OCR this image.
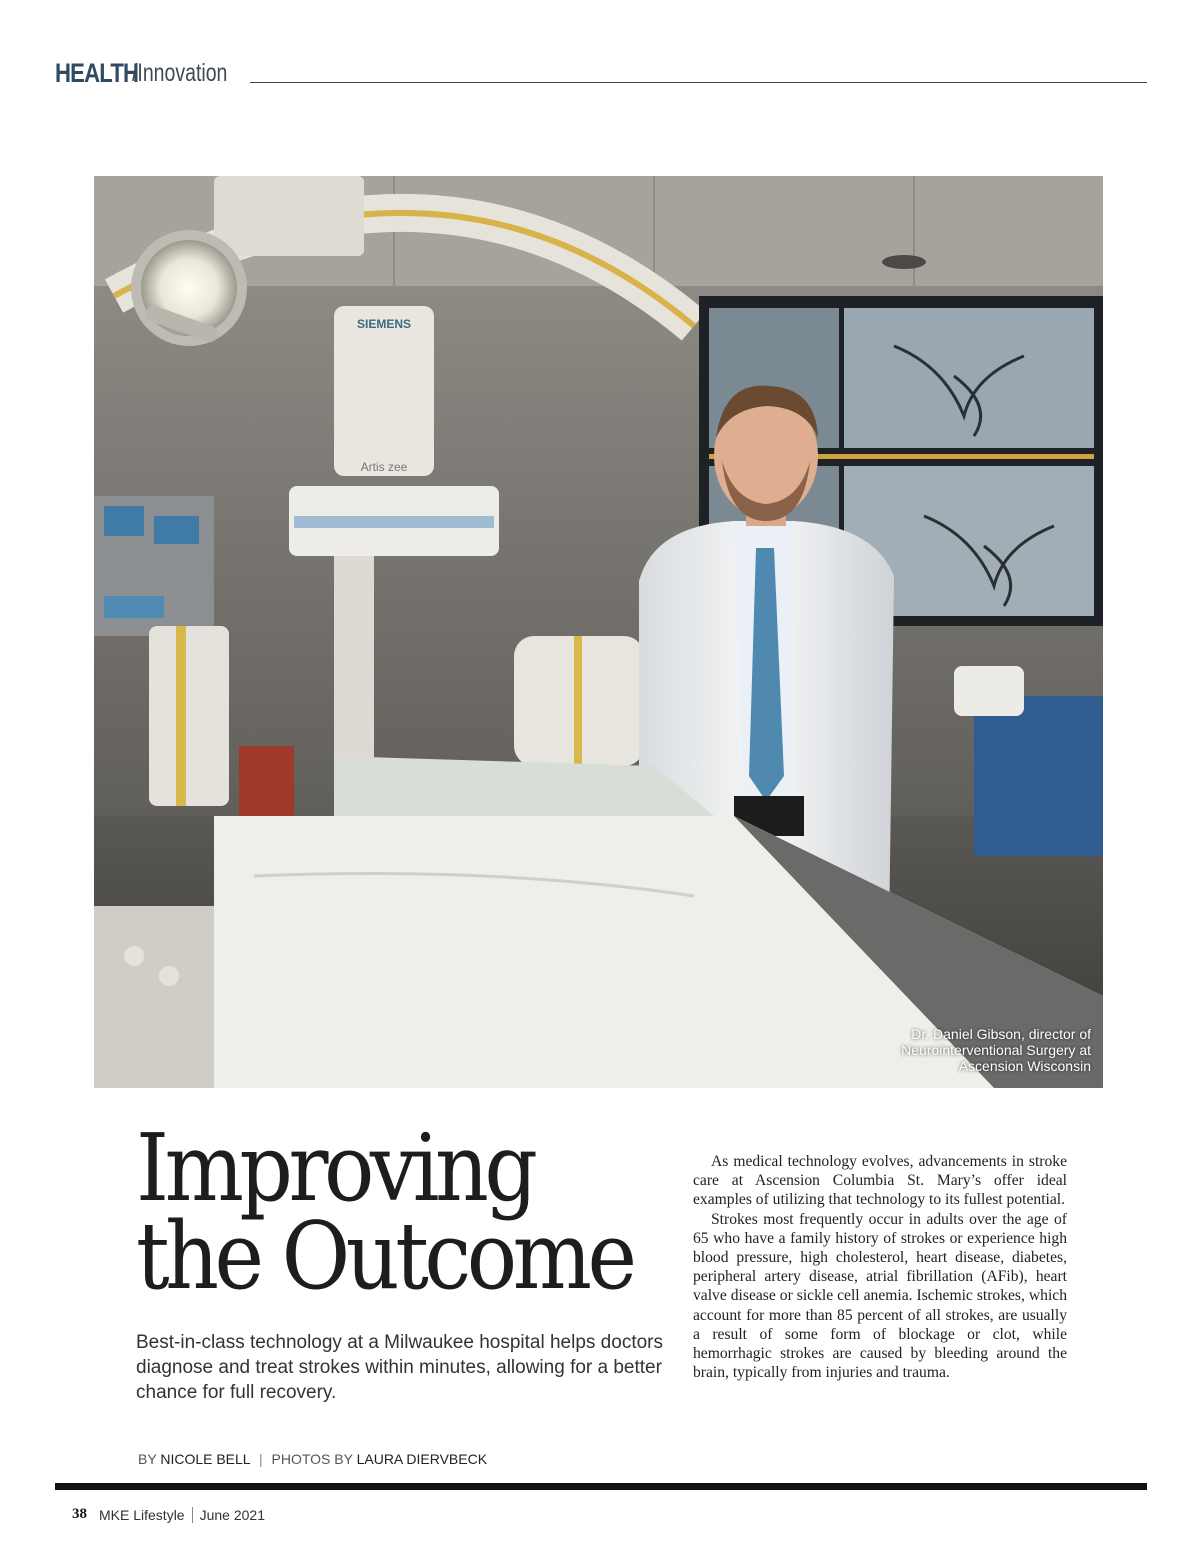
HEALTH
/Innovation
SIEMENS
Artis zee
Dr. Daniel Gibson, director of
Neurointerventional Surgery at
Ascension Wisconsin
Improving
the Outcome
Best-in-class technology at a Milwaukee hospital helps doctors diagnose and treat strokes within minutes, allowing for a better chance for full recovery.
BY NICOLE BELL | PHOTOS BY LAURA DIERVBECK

As medical technology evolves, advancements in stroke care at Ascension Columbia St. Mary’s offer ideal examples of utilizing that technology to its fullest potential.

Strokes most frequently occur in adults over the age of 65 who have a family history of strokes or experience high blood pressure, high cholesterol, heart disease, diabetes, peripheral artery disease, atrial fibrillation (AFib), heart valve disease or sickle cell anemia. Ischemic strokes, which account for more than 85 percent of all strokes, are usually a result of some form of blockage or clot, while hemorrhagic strokes are caused by bleeding around the brain, typically from injuries and trauma.

38 MKE Lifestyle June 2021
